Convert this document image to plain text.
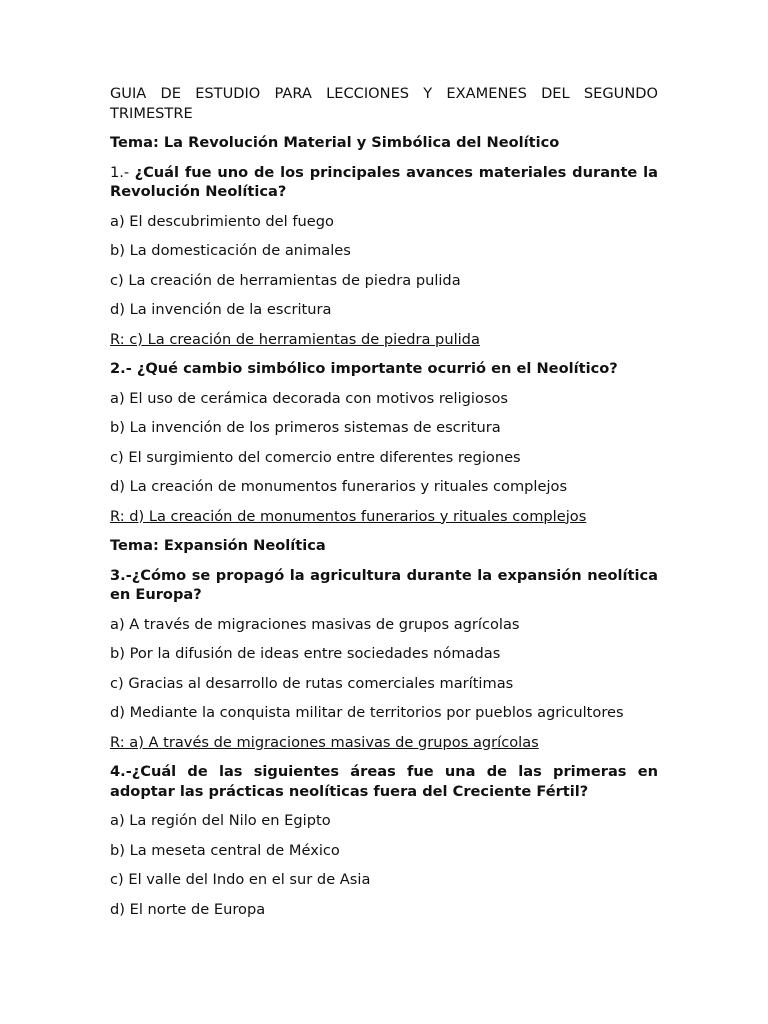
GUIA DE ESTUDIO PARA LECCIONES Y EXAMENES DEL SEGUNDO TRIMESTRE

Tema: La Revolución Material y Simbólica del Neolítico

1.- ¿Cuál fue uno de los principales avances materiales durante la Revolución Neolítica?

a) El descubrimiento del fuego

b) La domesticación de animales

c) La creación de herramientas de piedra pulida

d) La invención de la escritura

R: c) La creación de herramientas de piedra pulida

2.- ¿Qué cambio simbólico importante ocurrió en el Neolítico?

a) El uso de cerámica decorada con motivos religiosos

b) La invención de los primeros sistemas de escritura

c) El surgimiento del comercio entre diferentes regiones

d) La creación de monumentos funerarios y rituales complejos

R: d) La creación de monumentos funerarios y rituales complejos

Tema: Expansión Neolítica

3.-¿Cómo se propagó la agricultura durante la expansión neolítica en Europa?

a) A través de migraciones masivas de grupos agrícolas

b) Por la difusión de ideas entre sociedades nómadas

c) Gracias al desarrollo de rutas comerciales marítimas

d) Mediante la conquista militar de territorios por pueblos agricultores

R: a) A través de migraciones masivas de grupos agrícolas

4.-¿Cuál de las siguientes áreas fue una de las primeras en adoptar las prácticas neolíticas fuera del Creciente Fértil?

a) La región del Nilo en Egipto

b) La meseta central de México

c) El valle del Indo en el sur de Asia

d) El norte de Europa
